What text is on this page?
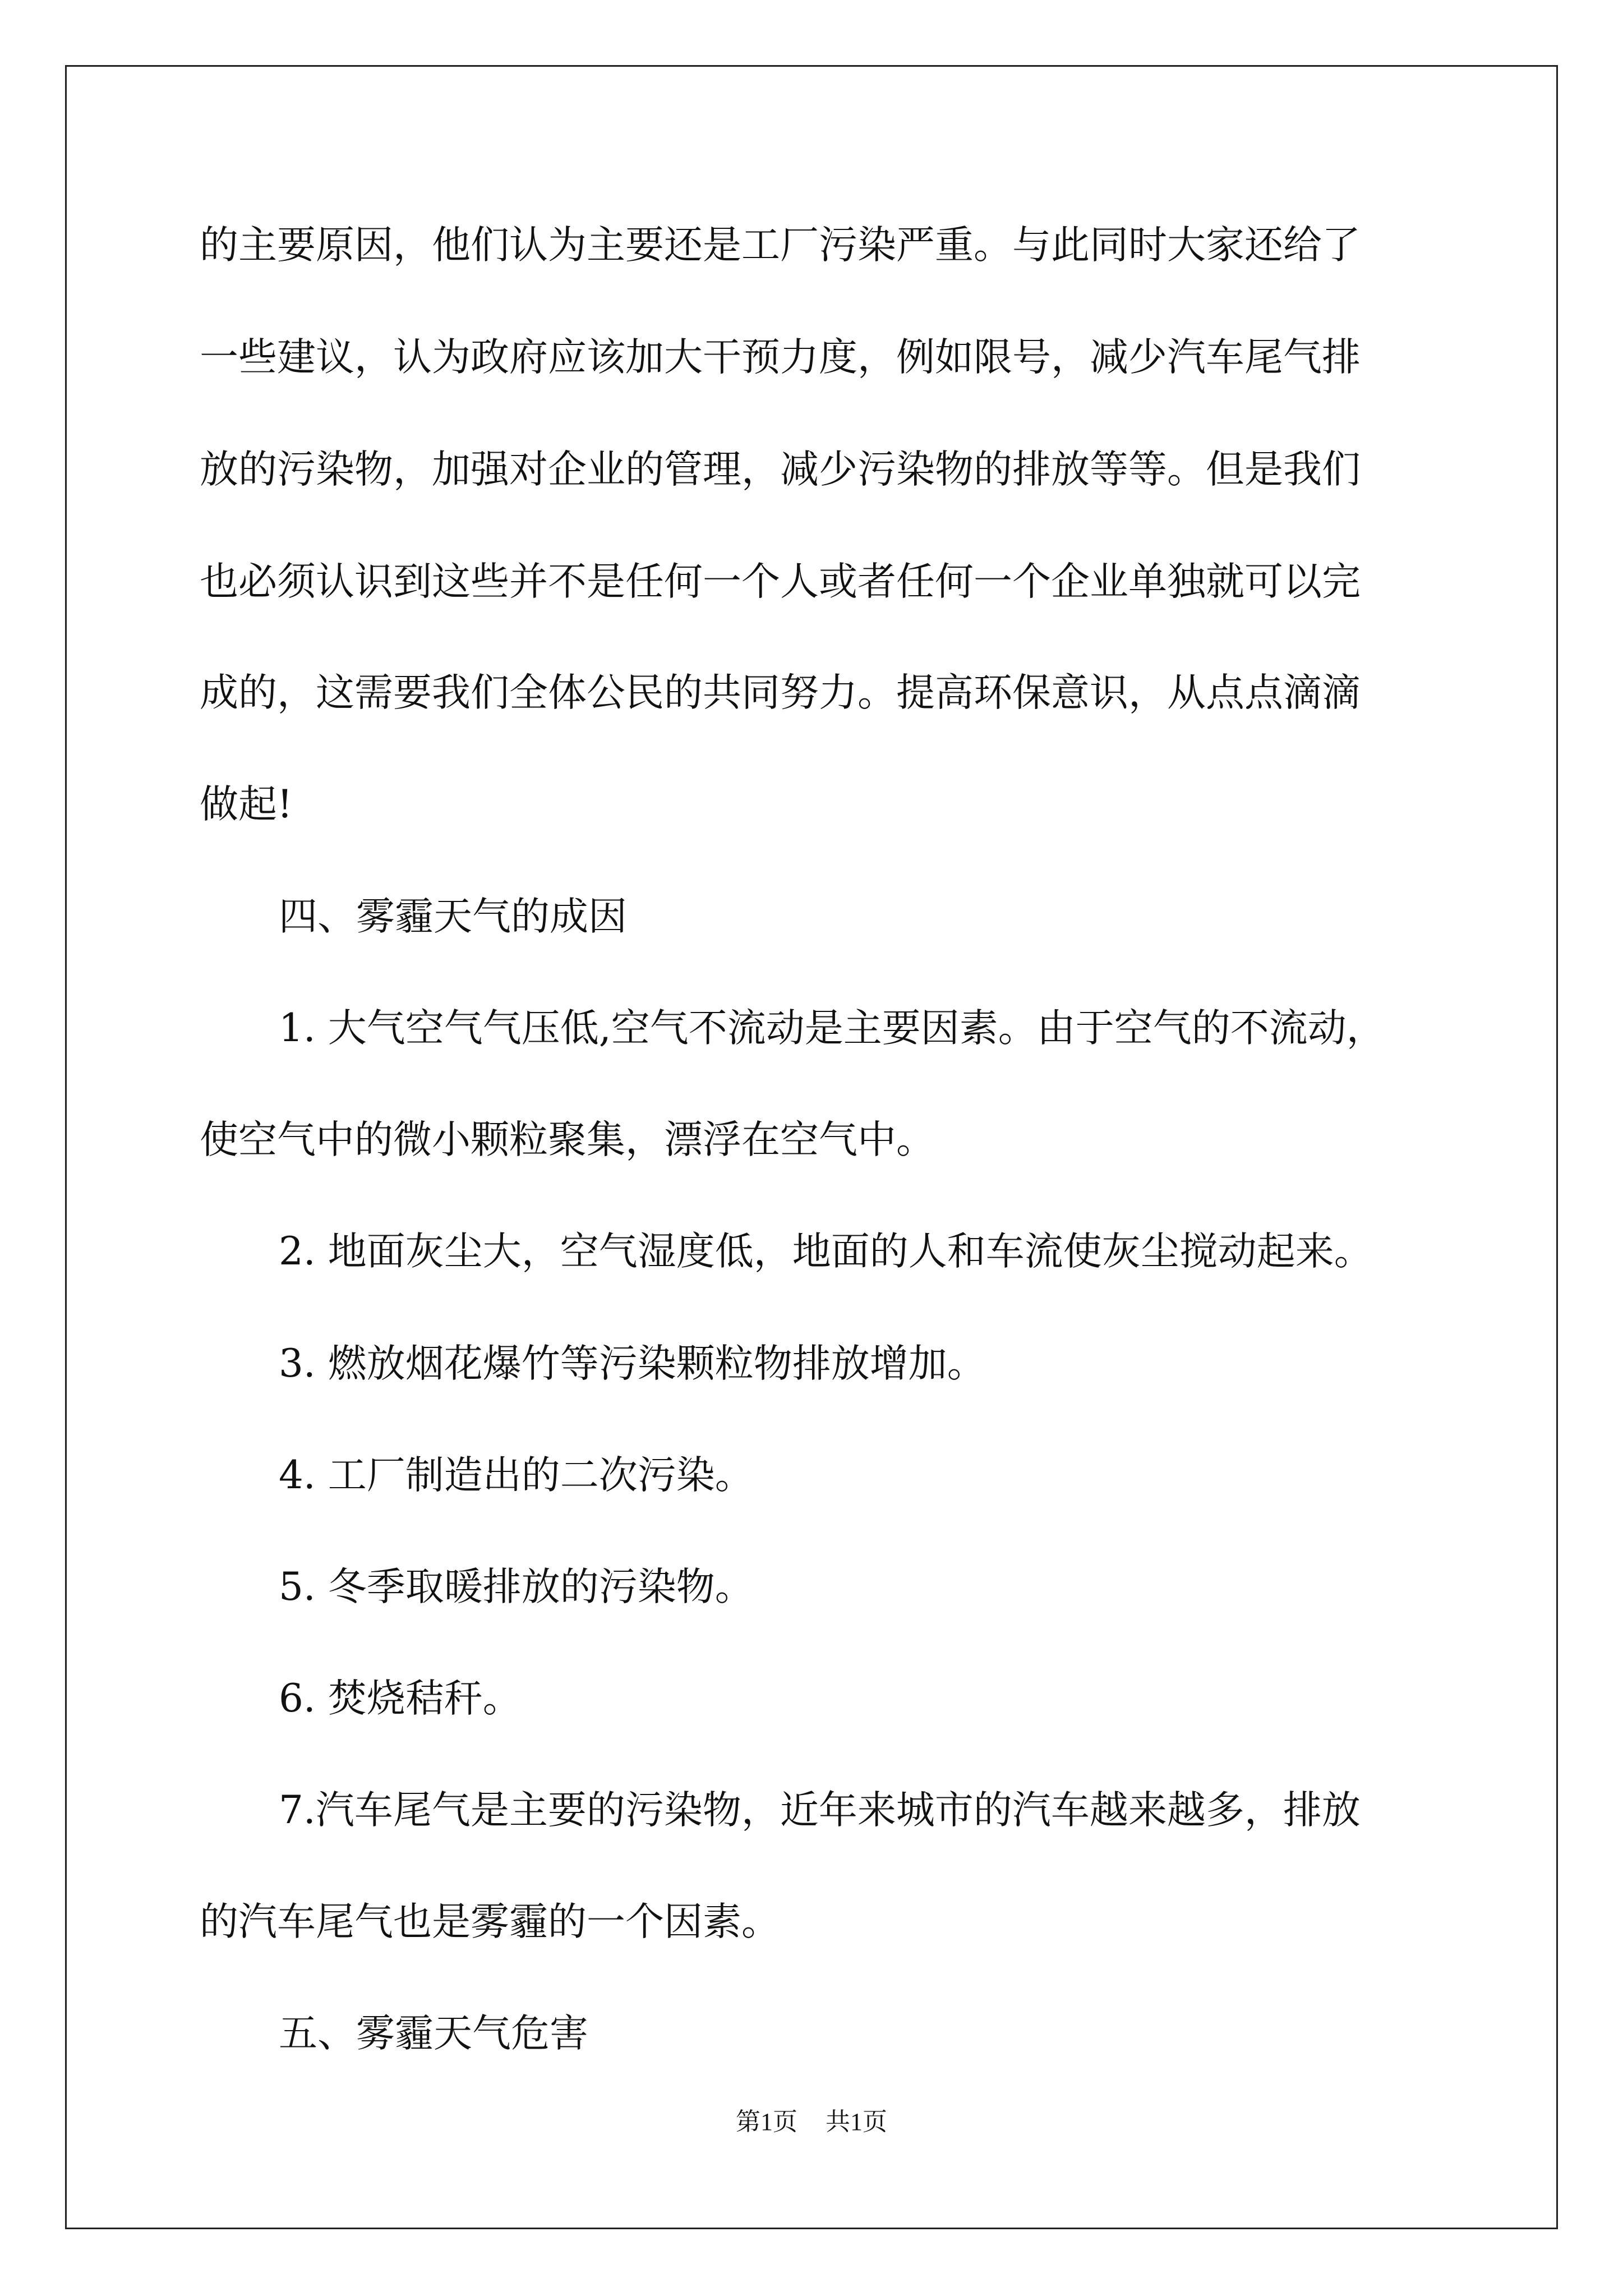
的主要原因，他们认为主要还是工厂污染严重。与此同时大家还给了

一些建议，认为政府应该加大干预力度，例如限号，减少汽车尾气排

放的污染物，加强对企业的管理，减少污染物的排放等等。但是我们

也必须认识到这些并不是任何一个人或者任何一个企业单独就可以完

成的，这需要我们全体公民的共同努力。提高环保意识，从点点滴滴

做起!

四、雾霾天气的成因

1. 大气空气气压低,空气不流动是主要因素。由于空气的不流动，

使空气中的微小颗粒聚集，漂浮在空气中。

2. 地面灰尘大，空气湿度低，地面的人和车流使灰尘搅动起来。

3. 燃放烟花爆竹等污染颗粒物排放增加。

4. 工厂制造出的二次污染。

5. 冬季取暖排放的污染物。

6. 焚烧秸秆。

7.汽车尾气是主要的污染物，近年来城市的汽车越来越多，排放

的汽车尾气也是雾霾的一个因素。

五、雾霾天气危害

第1页 共1页
